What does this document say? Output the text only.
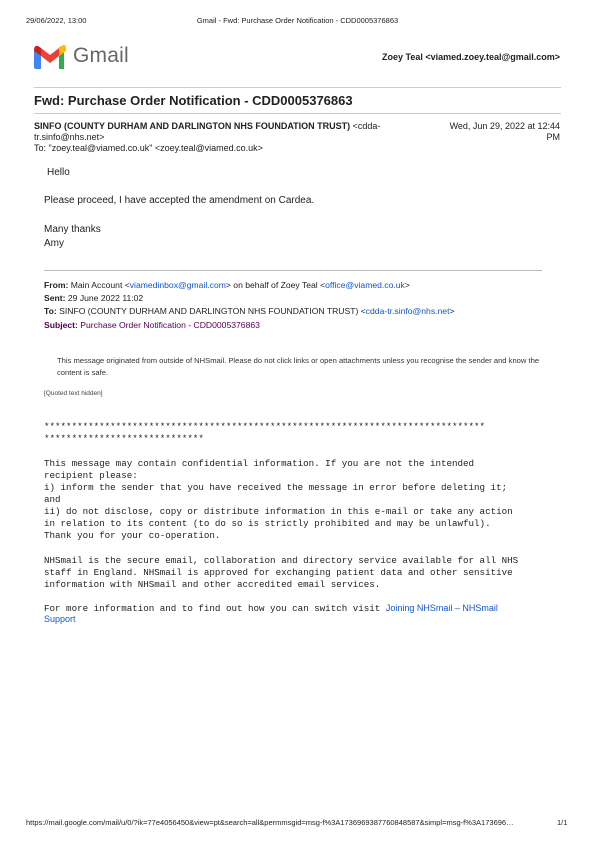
29/06/2022, 13:00	Gmail - Fwd: Purchase Order Notification - CDD0005376863
Gmail	Zoey Teal <viamed.zoey.teal@gmail.com>
Fwd: Purchase Order Notification - CDD0005376863
SINFO (COUNTY DURHAM AND DARLINGTON NHS FOUNDATION TRUST) <cdda-
tr.sinfo@nhs.net>
Wed, Jun 29, 2022 at 12:44
PM
To: "zoey.teal@viamed.co.uk" <zoey.teal@viamed.co.uk>
Hello
Please proceed, I have accepted the amendment on Cardea.
Many thanks
Amy
From: Main Account <viamedinbox@gmail.com> on behalf of Zoey Teal <office@viamed.co.uk>
Sent: 29 June 2022 11:02
To: SINFO (COUNTY DURHAM AND DARLINGTON NHS FOUNDATION TRUST) <cdda-tr.sinfo@nhs.net>
Subject: Purchase Order Notification - CDD0005376863
This message originated from outside of NHSmail. Please do not click links or open attachments unless you recognise the sender and know the content is safe.
[Quoted text hidden]
********************************************************************************
*****************************
This message may contain confidential information. If you are not the intended
recipient please:
i) inform the sender that you have received the message in error before deleting it;
and
ii) do not disclose, copy or distribute information in this e-mail or take any action
in relation to its content (to do so is strictly prohibited and may be unlawful).
Thank you for your co-operation.
NHSmail is the secure email, collaboration and directory service available for all NHS
staff in England. NHSmail is approved for exchanging patient data and other sensitive
information with NHSmail and other accredited email services.
For more information and to find out how you can switch visit Joining NHSmail – NHSmail
Support
https://mail.google.com/mail/u/0/?ik=77e4056450&view=pt&search=all&permmsgid=msg-f%3A1736969387760848587&simpl=msg-f%3A173696…	1/1
